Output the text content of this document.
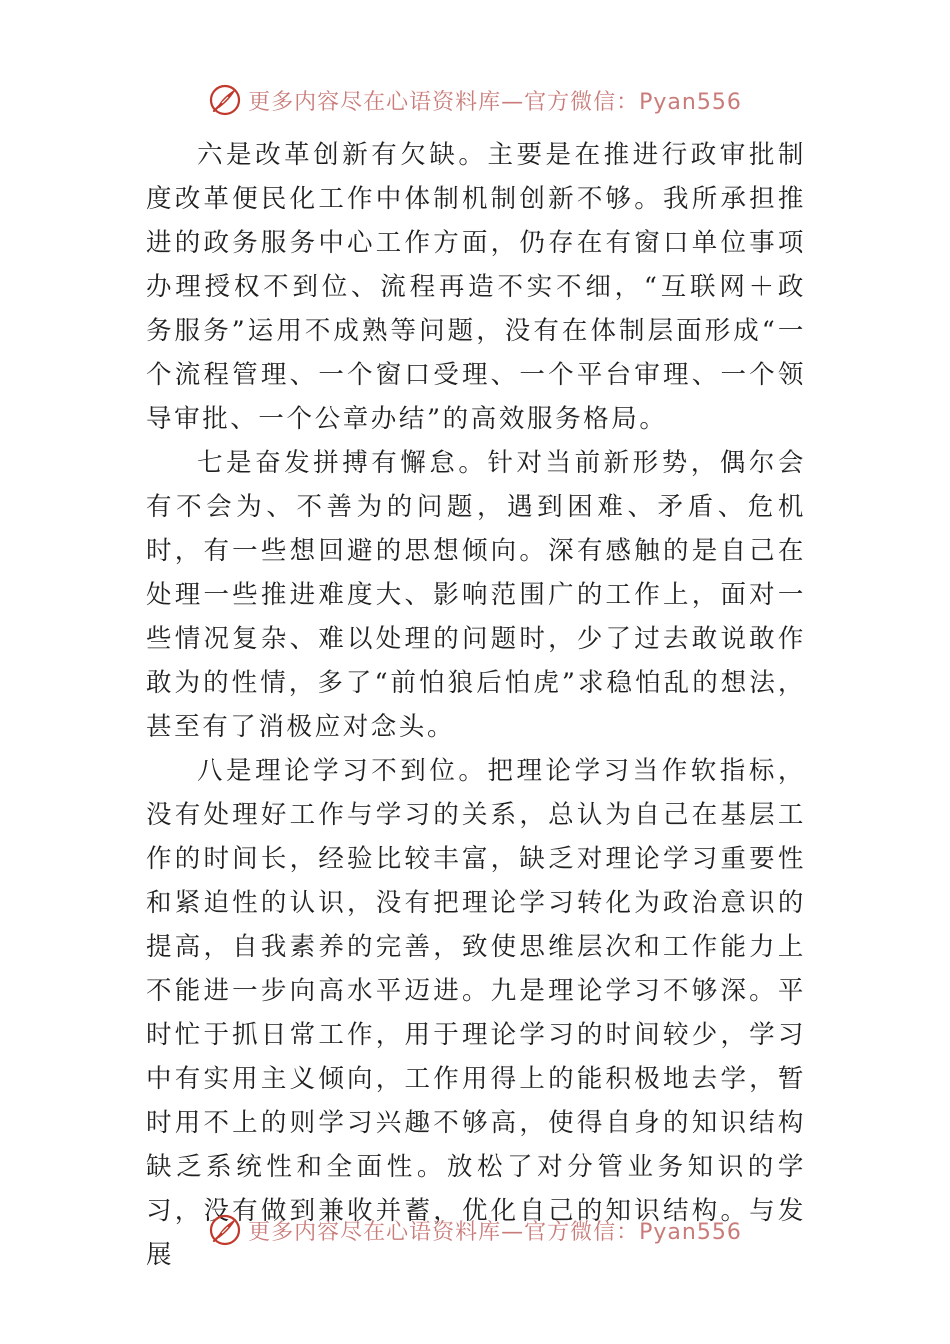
更多内容尽在心语资料库—官方微信：Pyan556

六是改革创新有欠缺。主要是在推进行政审批制度改革便民化工作中体制机制创新不够。我所承担推进的政务服务中心工作方面，仍存在有窗口单位事项办理授权不到位、流程再造不实不细，“互联网＋政务服务”运用不成熟等问题，没有在体制层面形成“一个流程管理、一个窗口受理、一个平台审理、一个领导审批、一个公章办结”的高效服务格局。

七是奋发拼搏有懈怠。针对当前新形势，偶尔会有不会为、不善为的问题，遇到困难、矛盾、危机时，有一些想回避的思想倾向。深有感触的是自己在处理一些推进难度大、影响范围广的工作上，面对一些情况复杂、难以处理的问题时，少了过去敢说敢作敢为的性情，多了“前怕狼后怕虎”求稳怕乱的想法，甚至有了消极应对念头。

八是理论学习不到位。把理论学习当作软指标，没有处理好工作与学习的关系，总认为自己在基层工作的时间长，经验比较丰富，缺乏对理论学习重要性和紧迫性的认识，没有把理论学习转化为政治意识的提高，自我素养的完善，致使思维层次和工作能力上不能进一步向高水平迈进。九是理论学习不够深。平时忙于抓日常工作，用于理论学习的时间较少，学习中有实用主义倾向，工作用得上的能积极地去学，暂时用不上的则学习兴趣不够高，使得自身的知识结构缺乏系统性和全面性。放松了对分管业务知识的学习，没有做到兼收并蓄，优化自己的知识结构。与发展

更多内容尽在心语资料库—官方微信：Pyan556
